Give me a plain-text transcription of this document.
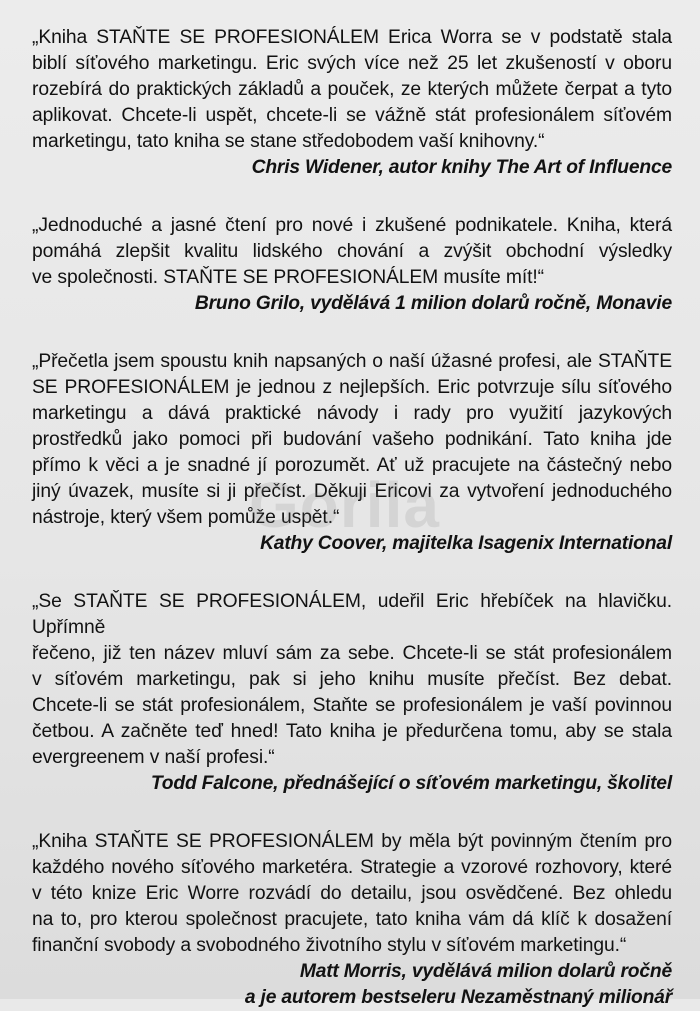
„Kniha STAŇTE SE PROFESIONÁLEM Erica Worra se v podstatě stala
biblí síťového marketingu. Eric svých více než 25 let zkušeností v oboru
rozebírá do praktických základů a pouček, ze kterých můžete čerpat a tyto
aplikovat. Chcete-li uspět, chcete-li se vážně stát profesionálem síťovém
marketingu, tato kniha se stane středobodem vaší knihovny.“

Chris Widener, autor knihy The Art of Influence

„Jednoduché a jasné čtení pro nové i zkušené podnikatele. Kniha, která
pomáhá zlepšit kvalitu lidského chování a zvýšit obchodní výsledky
ve společnosti. STAŇTE SE PROFESIONÁLEM musíte mít!“

Bruno Grilo, vydělává 1 milion dolarů ročně, Monavie

„Přečetla jsem spoustu knih napsaných o naší úžasné profesi, ale STAŇTE
SE PROFESIONÁLEM je jednou z nejlepších. Eric potvrzuje sílu síťového
marketingu a dává praktické návody i rady pro využití jazykových
prostředků jako pomoci při budování vašeho podnikání. Tato kniha jde
přímo k věci a je snadné jí porozumět. Ať už pracujete na částečný nebo
jiný úvazek, musíte si ji přečíst. Děkuji Ericovi za vytvoření jednoduchého
nástroje, který všem pomůže uspět.“

Kathy Coover, majitelka Isagenix International

„Se STAŇTE SE PROFESIONÁLEM, udeřil Eric hřebíček na hlavičku. Upřímně
řečeno, již ten název mluví sám za sebe. Chcete-li se stát profesionálem
v síťovém marketingu, pak si jeho knihu musíte přečíst. Bez debat.
Chcete-li se stát profesionálem, Staňte se profesionálem je vaší povinnou
četbou. A začněte teď hned! Tato kniha je předurčena tomu, aby se stala
evergreenem v naší profesi.“

Todd Falcone, přednášející o síťovém marketingu, školitel

„Kniha STAŇTE SE PROFESIONÁLEM by měla být povinným čtením pro
každého nového síťového marketéra. Strategie a vzorové rozhovory, které
v této knize Eric Worre rozvádí do detailu, jsou osvědčené. Bez ohledu
na to, pro kterou společnost pracujete, tato kniha vám dá klíč k dosažení
finanční svobody a svobodného životního stylu v síťovém marketingu.“

Matt Morris, vydělává milion dolarů ročně

a je autorem bestseleru Nezaměstnaný milionář
